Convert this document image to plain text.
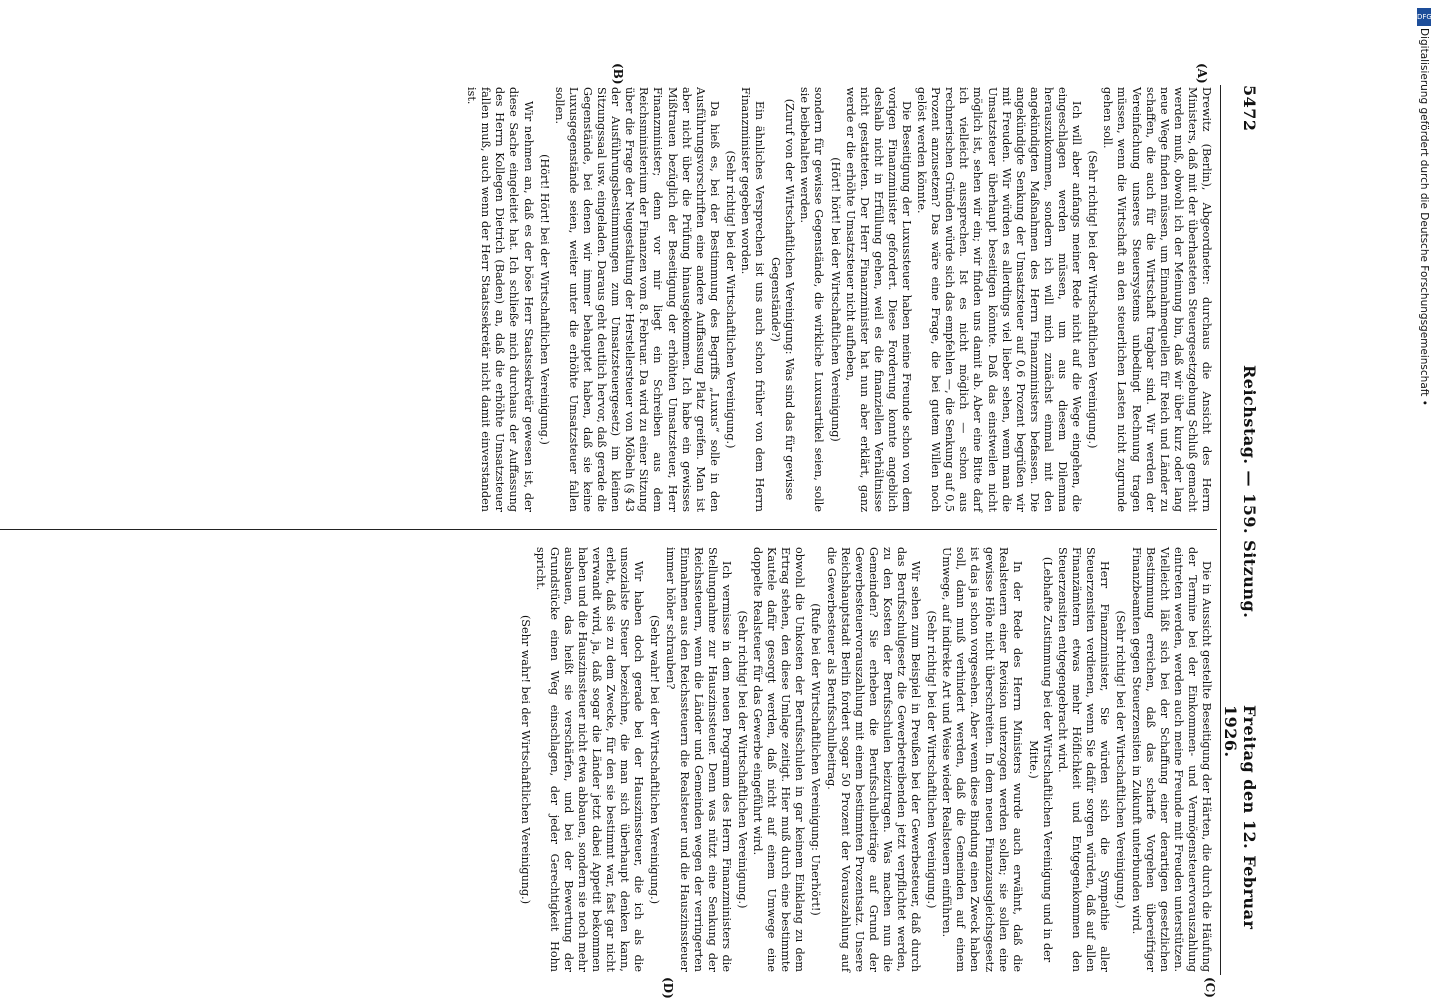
5472
Reichstag. — 159. Sitzung.
Freitag den 12. Februar 1926.
(A)
(B)
(C)
(D)

Drewitz (Berlin), Abgeordneter: durchaus die Ansicht des Herrn Ministers, daß mit der überhasteten Steuergesetzgebung Schluß gemacht werden muß, obwohl ich der Meinung bin, daß wir über kurz oder lang neue Wege finden müssen, um Einnahmequellen für Reich und Länder zu schaffen, die auch für die Wirtschaft tragbar sind. Wir werden der Vereinfachung unseres Steuersystems unbedingt Rechnung tragen müssen, wenn die Wirtschaft an den steuerlichen Lasten nicht zugrunde gehen soll.

(Sehr richtig! bei der Wirtschaftlichen Vereinigung.)

Ich will aber anfangs meiner Rede nicht auf die Wege eingehen, die eingeschlagen werden müssen, um aus diesem Dilemma herauszukommen, sondern ich will mich zunächst einmal mit den angekündigten Maßnahmen des Herrn Finanzministers befassen. Die angekündigte Senkung der Umsatzsteuer auf 0,6 Prozent begrüßen wir mit Freuden. Wir würden es allerdings viel lieber sehen, wenn man die Umsatzsteuer überhaupt beseitigen könnte. Daß das einstweilen nicht möglich ist, sehen wir ein; wir finden uns damit ab. Aber eine Bitte darf ich vielleicht aussprechen. Ist es nicht möglich — schon aus rechnerischen Gründen würde sich das empfehlen —, die Senkung auf 0,5 Prozent anzusetzen? Das wäre eine Frage, die bei gutem Willen noch gelöst werden könnte.

Die Beseitigung der Luxussteuer haben meine Freunde schon von dem vorigen Finanzminister gefordert. Diese Forderung konnte angeblich deshalb nicht in Erfüllung gehen, weil es die finanziellen Verhältnisse nicht gestatteten. Der Herr Finanzminister hat nun aber erklärt, ganz werde er die erhöhte Umsatzsteuer nicht aufheben,

(Hört! hört! bei der Wirtschaftlichen Vereinigung)

sondern für gewisse Gegenstände, die wirkliche Luxusartikel seien, solle sie beibehalten werden.

(Zuruf von der Wirtschaftlichen Vereinigung: Was sind das für gewisse Gegenstände?)

Ein ähnliches Versprechen ist uns auch schon früher von dem Herrn Finanzminister gegeben worden.

(Sehr richtig! bei der Wirtschaftlichen Vereinigung.)

Da hieß es, bei der Bestimmung des Begriffs „Luxus“ solle in den Ausführungsvorschriften eine andere Auffassung Platz greifen. Man ist aber nicht über die Prüfung hinausgekommen. Ich habe ein gewisses Mißtrauen bezüglich der Beseitigung der erhöhten Umsatzsteuer, Herr Finanzminister; denn vor mir liegt ein Schreiben aus dem Reichsministerium der Finanzen vom 8. Februar. Da wird zu einer Sitzung über die Frage der Neugestaltung der Herstellersteuer von Möbeln (§ 43 der Ausführungsbestimmungen zum Umsatzsteuergesetz) im kleinen Sitzungssaal usw. eingeladen. Daraus geht deutlich hervor, daß gerade die Gegenstände, bei denen wir immer behauptet haben, daß sie keine Luxusgegenstände seien, weiter unter die erhöhte Umsatzsteuer fallen sollen.

(Hört! Hört! bei der Wirtschaftlichen Vereinigung.)

Wir nehmen an, daß es der böse Herr Staatssekretär gewesen ist, der diese Sache eingeleitet hat. Ich schließe mich durchaus der Auffassung des Herrn Kollegen Dietrich (Baden) an, daß die erhöhte Umsatzsteuer fallen muß, auch wenn der Herr Staatssekretär nicht damit einverstanden ist.

Die in Aussicht gestellte Beseitigung der Härten, die durch die Häufung der Termine bei der Einkommen- und Vermögensteuervorauszahlung eintreten werden, werden auch meine Freunde mit Freuden unterstützen. Vielleicht läßt sich bei der Schaffung einer derartigen gesetzlichen Bestimmung erreichen, daß das scharfe Vorgehen übereifriger Finanzbeamten gegen Steuerzensiten in Zukunft unterbunden wird.

(Sehr richtig! bei der Wirtschaftlichen Vereinigung.)

Herr Finanzminister, Sie würden sich die Sympathie aller Steuerzensiten verdienen, wenn Sie dafür sorgen würden, daß auf allen Finanzämtern etwas mehr Höflichkeit und Entgegenkommen den Steuerzensiten entgegengebracht wird.

(Lebhafte Zustimmung bei der Wirtschaftlichen Vereinigung und in der Mitte.)

In der Rede des Herrn Ministers wurde auch erwähnt, daß die Realsteuern einer Revision unterzogen werden sollen; sie sollen eine gewisse Höhe nicht überschreiten. In dem neuen Finanzausgleichsgesetz ist das ja schon vorgesehen. Aber wenn diese Bindung einen Zweck haben soll, dann muß verhindert werden, daß die Gemeinden auf einem Umwege, auf indirekte Art und Weise wieder Realsteuern einführen.

(Sehr richtig! bei der Wirtschaftlichen Vereinigung.)

Wir sehen zum Beispiel in Preußen bei der Gewerbesteuer, daß durch das Berufsschulgesetz die Gewerbetreibenden jetzt verpflichtet werden, zu den Kosten der Berufsschulen beizutragen. Was machen nun die Gemeinden? Sie erheben die Berufsschulbeiträge auf Grund der Gewerbesteuervorauszahlung mit einem bestimmten Prozentsatz. Unsere Reichshauptstadt Berlin fordert sogar 50 Prozent der Vorauszahlung auf die Gewerbesteuer als Berufsschulbeitrag.

(Rufe bei der Wirtschaftlichen Vereinigung: Unerhört!)

obwohl die Unkosten der Berufsschulen in gar keinem Einklang zu dem Ertrag stehen, den diese Umlage zeitigt. Hier muß durch eine bestimmte Kautele dafür gesorgt werden, daß nicht auf einem Umwege eine doppelte Realsteuer für das Gewerbe eingeführt wird.

(Sehr richtig! bei der Wirtschaftlichen Vereinigung.)

Ich vermisse in dem neuen Programm des Herrn Finanzministers die Stellungnahme zur Hauszinssteuer. Denn was nützt eine Senkung der Reichssteuern, wenn die Länder und Gemeinden wegen der verringerten Einnahmen aus den Reichssteuern die Realsteuer und die Hauszinssteuer immer höher schrauben?

(Sehr wahr! bei der Wirtschaftlichen Vereinigung.)

Wir haben doch gerade bei der Hauszinssteuer, die ich als die unsozialste Steuer bezeichne, die man sich überhaupt denken kann, erlebt, daß sie zu dem Zwecke, für den sie bestimmt war, fast gar nicht verwandt wird, ja, daß sogar die Länder jetzt dabei Appetit bekommen haben und die Hauszinssteuer nicht etwa abbauen, sondern sie noch mehr ausbauen, das heißt sie verschärfen, und bei der Bewertung der Grundstücke einen Weg einschlagen, der jeder Gerechtigkeit Hohn spricht.

(Sehr wahr! bei der Wirtschaftlichen Vereinigung.)

DFG
Digitalisierung gefördert durch die Deutsche Forschungsgemeinschaft •
